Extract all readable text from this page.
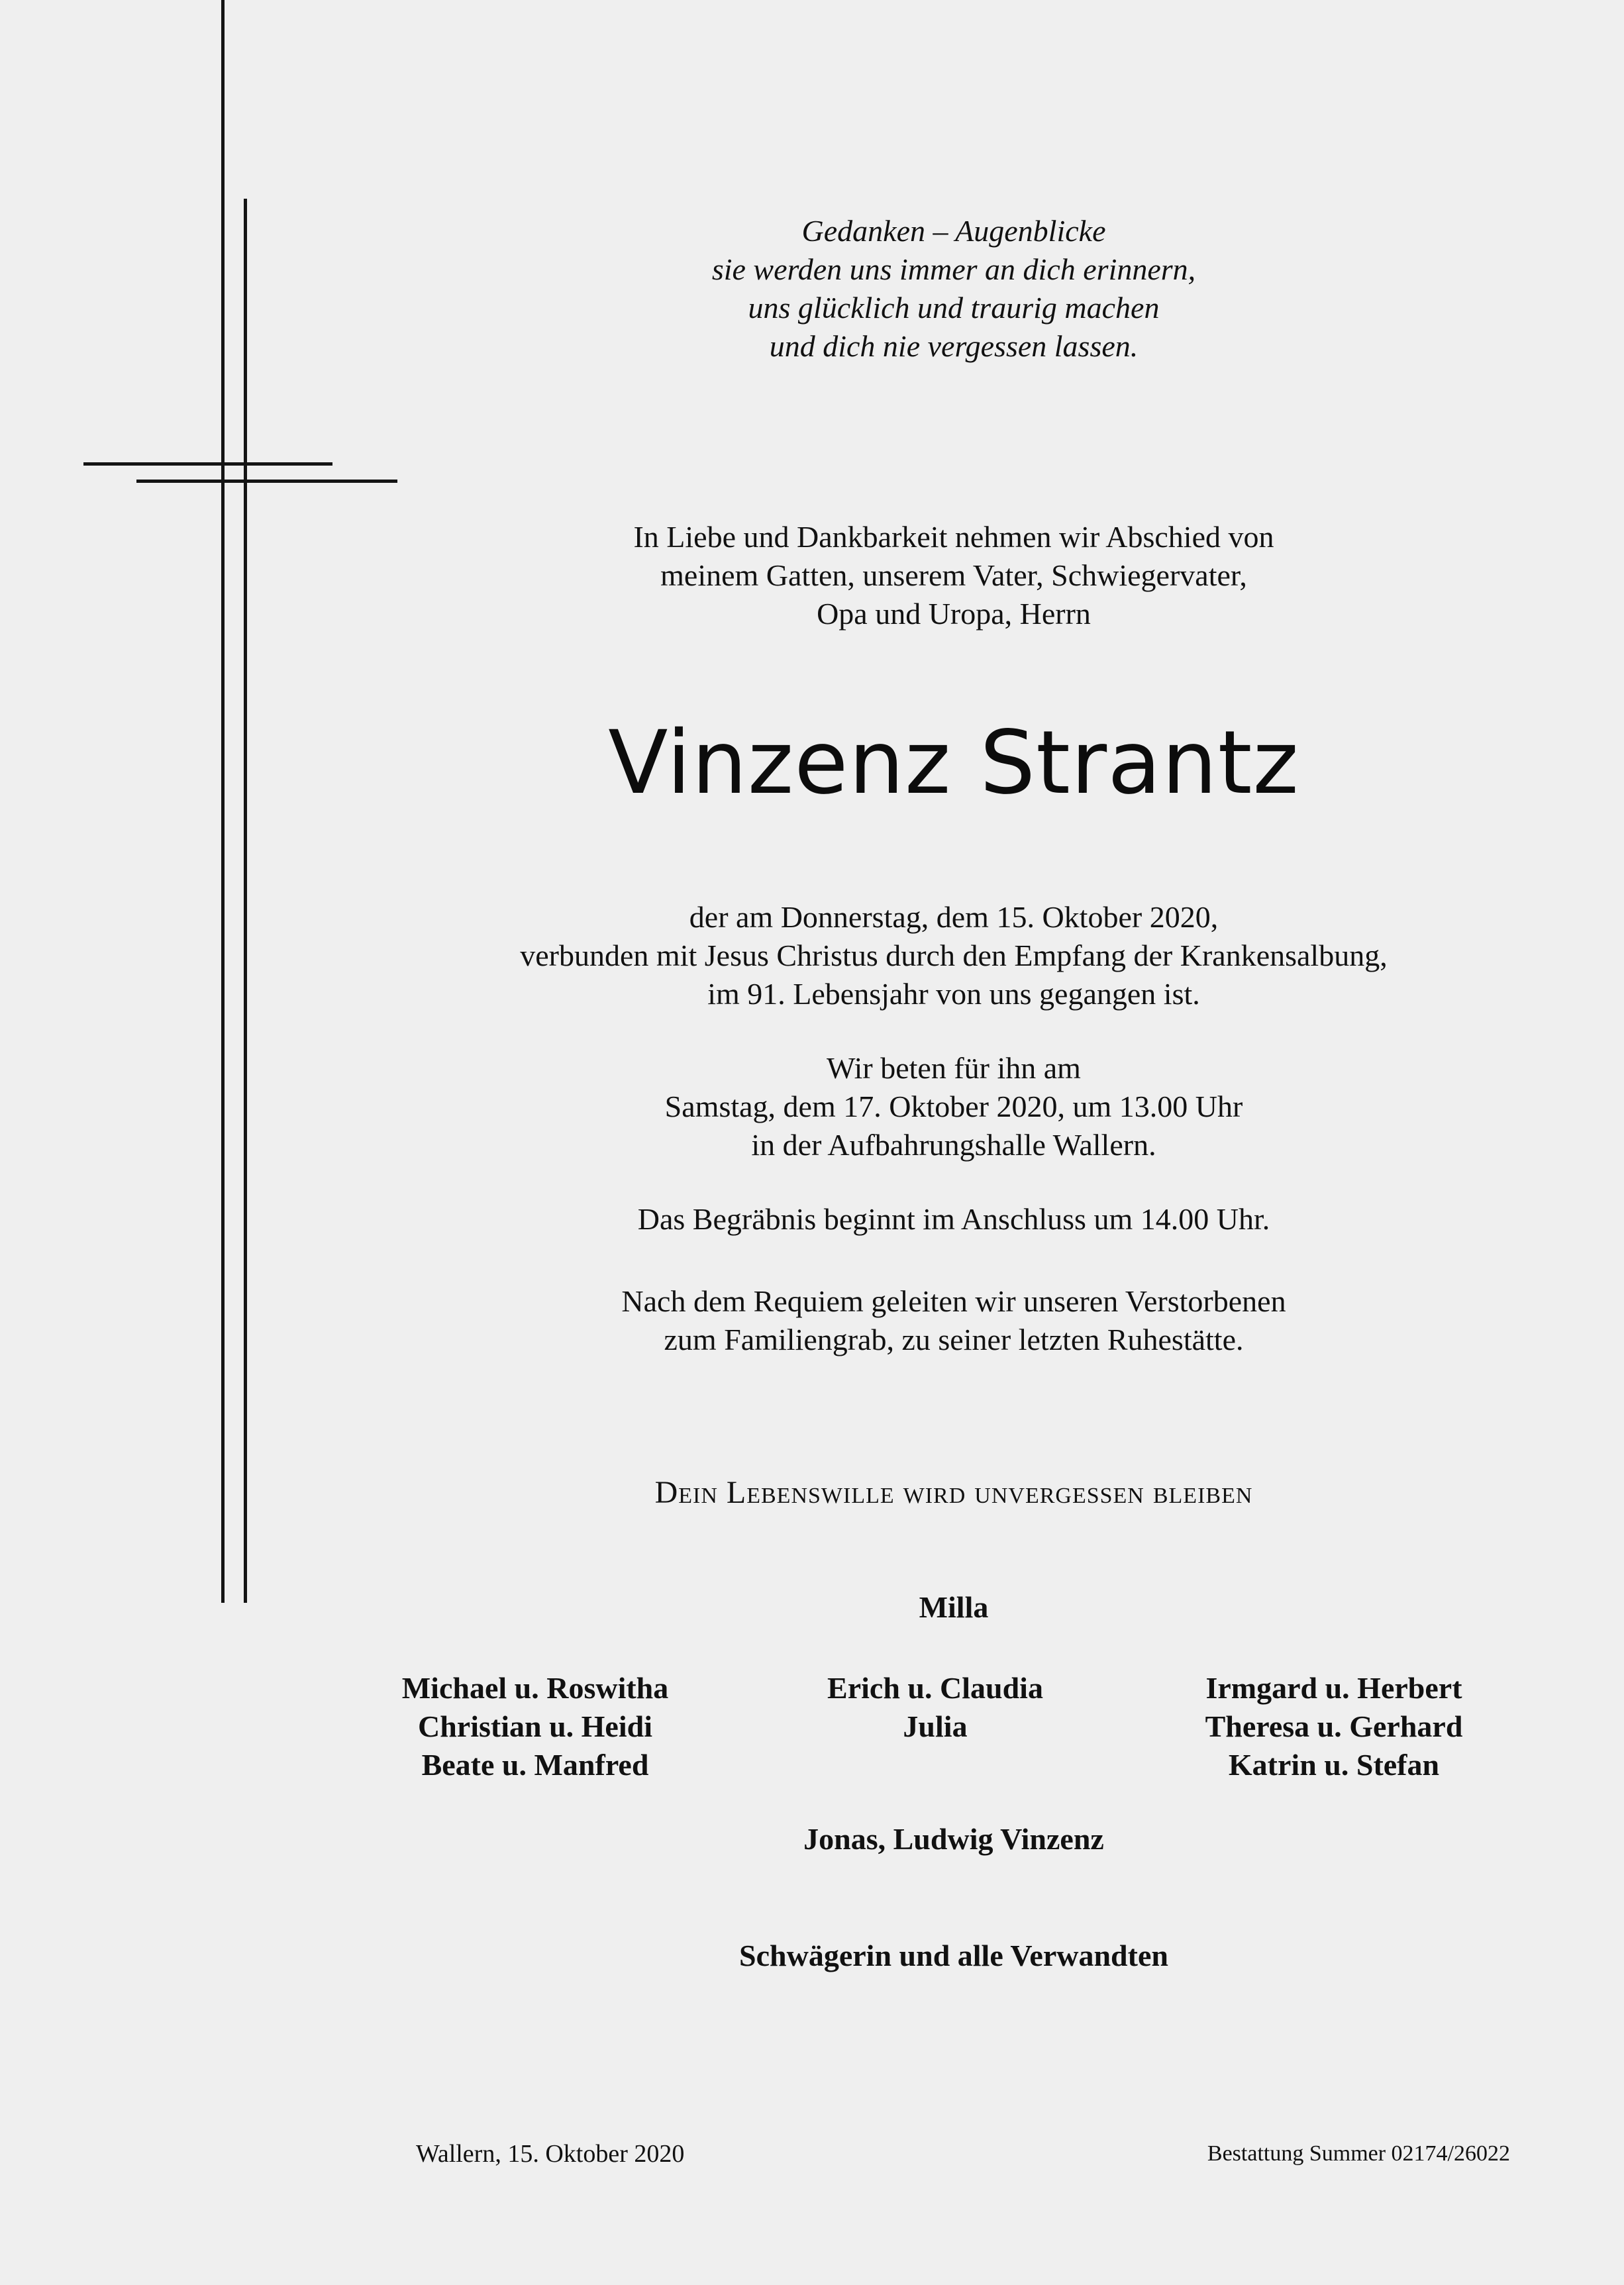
Gedanken – Augenblicke
sie werden uns immer an dich erinnern,
uns glücklich und traurig machen
und dich nie vergessen lassen.
In Liebe und Dankbarkeit nehmen wir Abschied von
meinem Gatten, unserem Vater, Schwiegervater,
Opa und Uropa, Herrn
Vinzenz Strantz
der am Donnerstag, dem 15. Oktober 2020,
verbunden mit Jesus Christus durch den Empfang der Krankensalbung,
im 91. Lebensjahr von uns gegangen ist.
Wir beten für ihn am
Samstag, dem 17. Oktober 2020, um 13.00 Uhr
in der Aufbahrungshalle Wallern.
Das Begräbnis beginnt im Anschluss um 14.00 Uhr.
Nach dem Requiem geleiten wir unseren Verstorbenen
zum Familiengrab, zu seiner letzten Ruhestätte.
Dein Lebenswille wird unvergessen bleiben
Milla
Michael u. Roswitha
Christian u. Heidi
Beate u. Manfred
Erich u. Claudia
Julia
Irmgard u. Herbert
Theresa u. Gerhard
Katrin u. Stefan
Jonas, Ludwig Vinzenz
Schwägerin und alle Verwandten
Wallern, 15. Oktober 2020	Bestattung Summer 02174/26022
